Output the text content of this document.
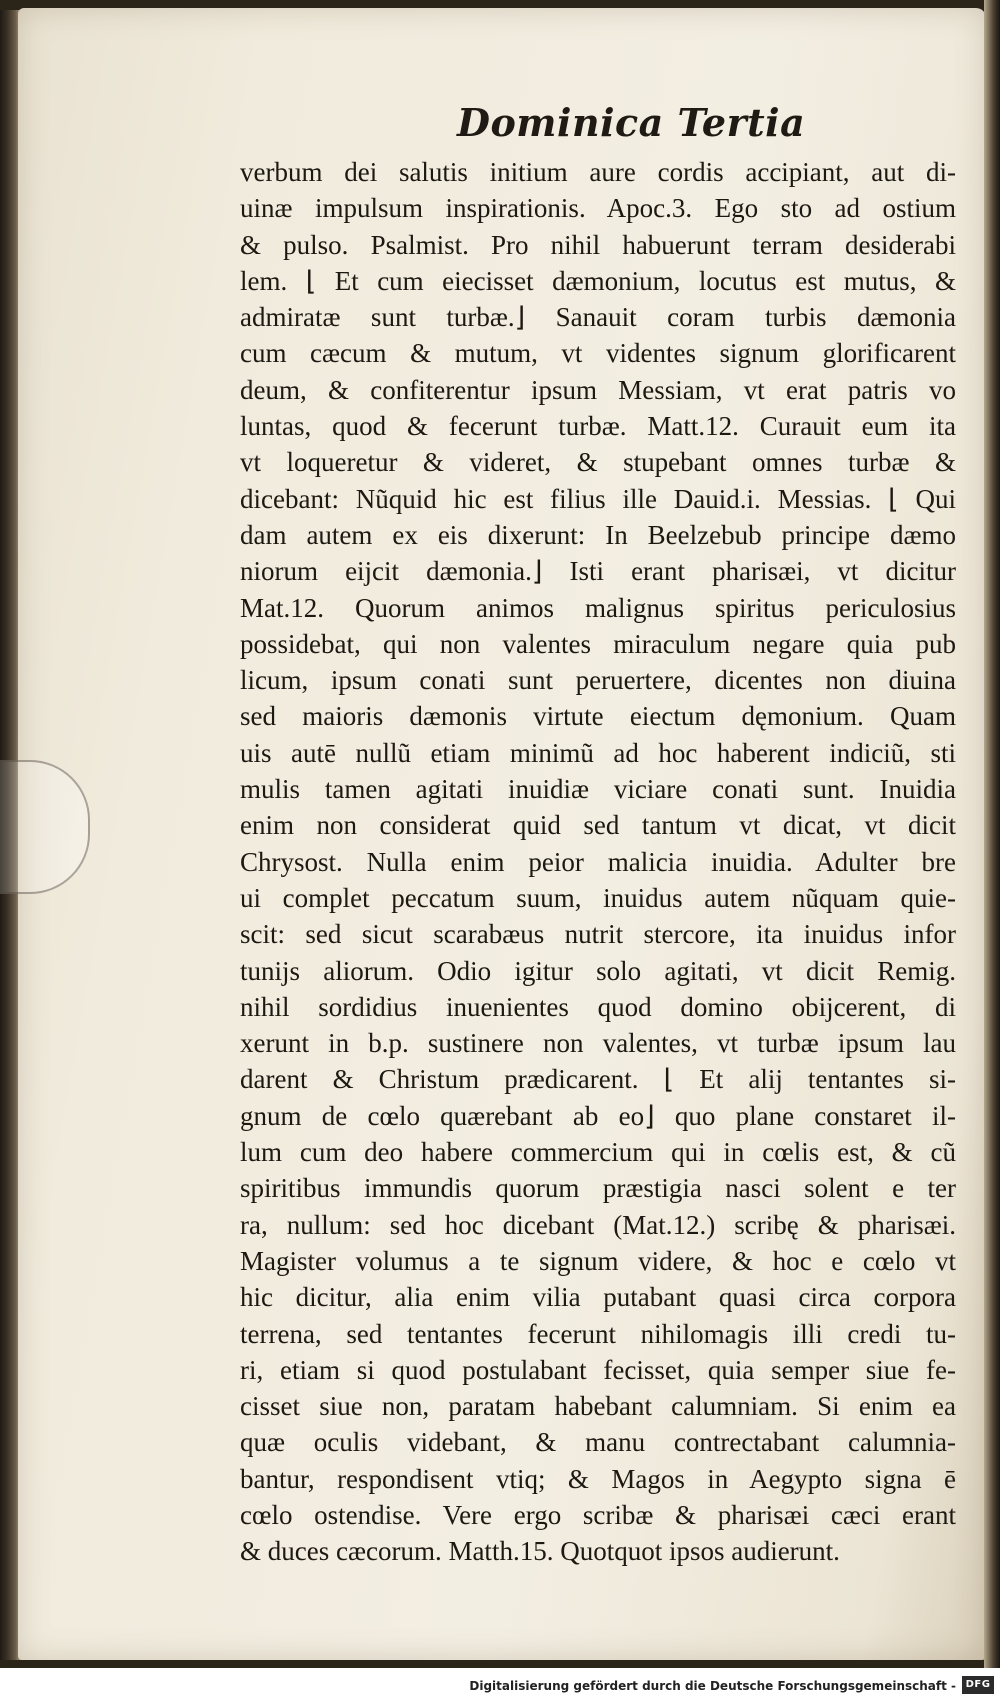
Dominica Tertia
verbum dei salutis initium aure cordis accipiant, aut di-
uinæ impulsum inspirationis. Apoc.3. Ego sto ad ostium
& pulso. Psalmist. Pro nihil habuerunt terram desiderabi
lem. ⌊ Et cum eiecisset dæmonium, locutus est mutus, &
admiratæ sunt turbæ.⌋ Sanauit coram turbis dæmonia
cum cæcum & mutum, vt videntes signum glorificarent
deum, & confiterentur ipsum Messiam, vt erat patris vo
luntas, quod & fecerunt turbæ. Matt.12. Curauit eum ita
vt loqueretur & videret, & stupebant omnes turbæ &
dicebant: Nũquid hic est filius ille Dauid.i. Messias. ⌊ Qui
dam autem ex eis dixerunt: In Beelzebub principe dæmo
niorum eijcit dæmonia.⌋ Isti erant pharisæi, vt dicitur
Mat.12. Quorum animos malignus spiritus periculosius
possidebat, qui non valentes miraculum negare quia pub
licum, ipsum conati sunt peruertere, dicentes non diuina
sed maioris dæmonis virtute eiectum dęmonium. Quam
uis autē nullũ etiam minimũ ad hoc haberent indiciũ, sti
mulis tamen agitati inuidiæ viciare conati sunt. Inuidia
enim non considerat quid sed tantum vt dicat, vt dicit
Chrysost. Nulla enim peior malicia inuidia. Adulter bre
ui complet peccatum suum, inuidus autem nũquam quie-
scit: sed sicut scarabæus nutrit stercore, ita inuidus infor
tunijs aliorum. Odio igitur solo agitati, vt dicit Remig.
nihil sordidius inuenientes quod domino obijcerent, di
xerunt in b.p. sustinere non valentes, vt turbæ ipsum lau
darent & Christum prædicarent. ⌊ Et alij tentantes si-
gnum de cœlo quærebant ab eo⌋ quo plane constaret il-
lum cum deo habere commercium qui in cœlis est, & cũ
spiritibus immundis quorum præstigia nasci solent e ter
ra, nullum: sed hoc dicebant (Mat.12.) scribę & pharisæi.
Magister volumus a te signum videre, & hoc e cœlo vt
hic dicitur, alia enim vilia putabant quasi circa corpora
terrena, sed tentantes fecerunt nihilomagis illi credi tu-
ri, etiam si quod postulabant fecisset, quia semper siue fe-
cisset siue non, paratam habebant calumniam. Si enim ea
quæ oculis videbant, & manu contrectabant calumnia-
bantur, respondisent vtiq; & Magos in Aegypto signa ē
cœlo ostendise. Vere ergo scribæ & pharisæi cæci erant
& duces cæcorum. Matth.15. Quotquot ipsos audierunt.
Digitalisierung gefördert durch die Deutsche Forschungsgemeinschaft - DFG
